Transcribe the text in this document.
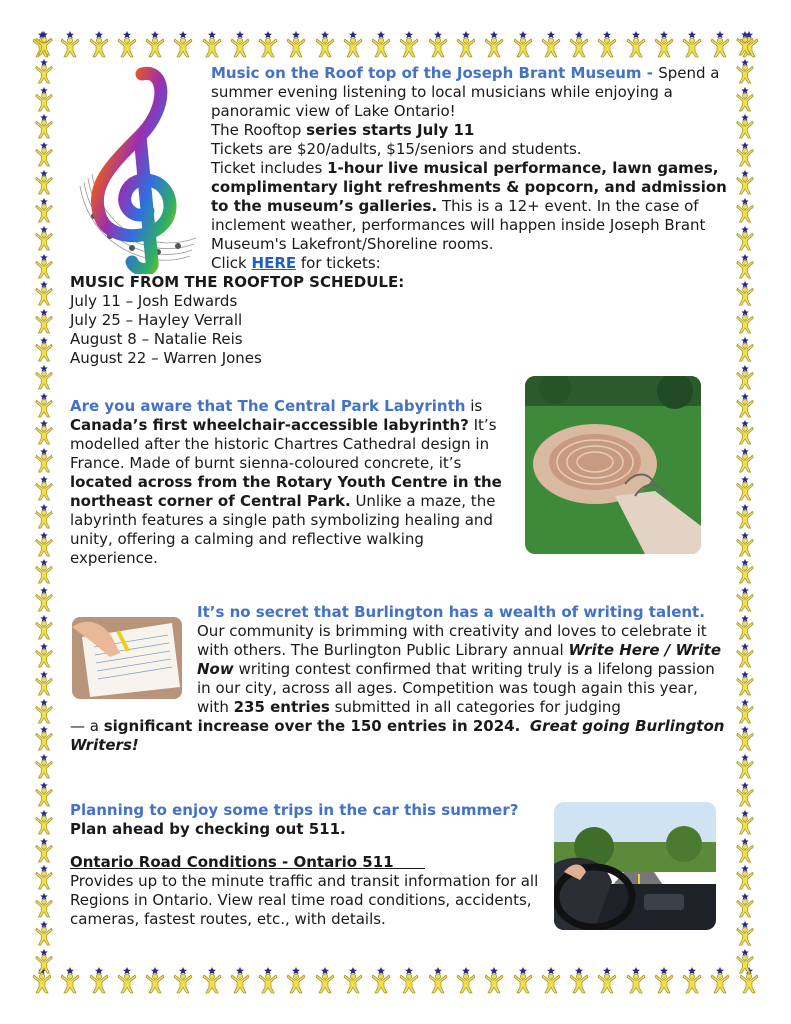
Music on the Roof top of the Joseph Brant Museum - Spend a summer evening listening to local musicians while enjoying a panoramic view of Lake Ontario!
The Rooftop series starts July 11
Tickets are $20/adults, $15/seniors and students.
Ticket includes 1-hour live musical performance, lawn games, complimentary light refreshments & popcorn, and admission to the museum’s galleries. This is a 12+ event. In the case of inclement weather, performances will happen inside Joseph Brant Museum's Lakefront/Shoreline rooms.
Click HERE for tickets:
MUSIC FROM THE ROOFTOP SCHEDULE:
July 11 – Josh Edwards
July 25 – Hayley Verrall
August 8 – Natalie Reis
August 22 – Warren Jones
Are you aware that The Central Park Labyrinth is Canada’s first wheelchair-accessible labyrinth? It’s modelled after the historic Chartres Cathedral design in France. Made of burnt sienna-coloured concrete, it’s located across from the Rotary Youth Centre in the northeast corner of Central Park. Unlike a maze, the labyrinth features a single path symbolizing healing and unity, offering a calming and reflective walking experience.
It’s no secret that Burlington has a wealth of writing talent.
Our community is brimming with creativity and loves to celebrate it with others. The Burlington Public Library annual Write Here / Write Now writing contest confirmed that writing truly is a lifelong passion in our city, across all ages. Competition was tough again this year, with 235 entries submitted in all categories for judging
— a significant increase over the 150 entries in 2024. Great going Burlington Writers!
Planning to enjoy some trips in the car this summer?
Plan ahead by checking out 511.

Ontario Road Conditions - Ontario 511
Provides up to the minute traffic and transit information for all Regions in Ontario. View real time road conditions, accidents, cameras, fastest routes, etc., with details.
